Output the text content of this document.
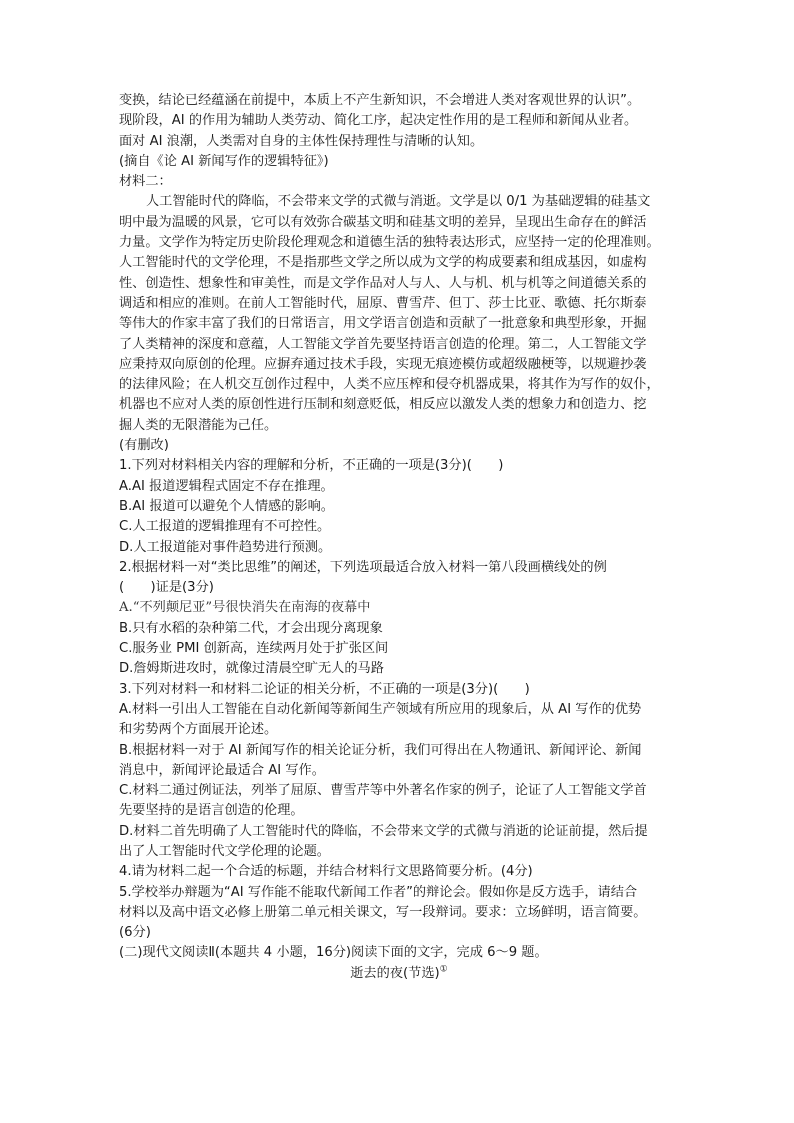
变换，结论已经蕴涵在前提中，本质上不产生新知识，不会增进人类对客观世界的认识”。
现阶段，AI 的作用为辅助人类劳动、简化工序，起决定性作用的是工程师和新闻从业者。
面对 AI 浪潮，人类需对自身的主体性保持理性与清晰的认知。
(摘自《论 AI 新闻写作的逻辑特征》)
材料二：
人工智能时代的降临，不会带来文学的式微与消逝。文学是以 0/1 为基础逻辑的硅基文
明中最为温暖的风景，它可以有效弥合碳基文明和硅基文明的差异，呈现出生命存在的鲜活
力量。文学作为特定历史阶段伦理观念和道德生活的独特表达形式，应坚持一定的伦理准则。
人工智能时代的文学伦理，不是指那些文学之所以成为文学的构成要素和组成基因，如虚构
性、创造性、想象性和审美性，而是文学作品对人与人、人与机、机与机等之间道德关系的
调适和相应的准则。在前人工智能时代，屈原、曹雪芹、但丁、莎士比亚、歌德、托尔斯泰
等伟大的作家丰富了我们的日常语言，用文学语言创造和贡献了一批意象和典型形象，开掘
了人类精神的深度和意蕴，人工智能文学首先要坚持语言创造的伦理。第二，人工智能文学
应秉持双向原创的伦理。应摒弃通过技术手段，实现无痕迹模仿或超级融梗等，以规避抄袭
的法律风险；在人机交互创作过程中，人类不应压榨和侵夺机器成果，将其作为写作的奴仆，
机器也不应对人类的原创性进行压制和刻意贬低，相反应以激发人类的想象力和创造力、挖
掘人类的无限潜能为己任。
(有删改)
1.下列对材料相关内容的理解和分析，不正确的一项是(3分)(　　)
A.AI 报道逻辑程式固定不存在推理。
B.AI 报道可以避免个人情感的影响。
C.人工报道的逻辑推理有不可控性。
D.人工报道能对事件趋势进行预测。
2.根据材料一对“类比思维”的阐述，下列选项最适合放入材料一第八段画横线处的例
(　　)证是(3分)
A.“不列颠尼亚”号很快消失在南海的夜幕中
B.只有水稻的杂种第二代，才会出现分离现象
C.服务业 PMI 创新高，连续两月处于扩张区间
D.詹姆斯进攻时，就像过清晨空旷无人的马路
3.下列对材料一和材料二论证的相关分析，不正确的一项是(3分)(　　)
A.材料一引出人工智能在自动化新闻等新闻生产领域有所应用的现象后，从 AI 写作的优势
和劣势两个方面展开论述。
B.根据材料一对于 AI 新闻写作的相关论证分析，我们可得出在人物通讯、新闻评论、新闻
消息中，新闻评论最适合 AI 写作。
C.材料二通过例证法，列举了屈原、曹雪芹等中外著名作家的例子，论证了人工智能文学首
先要坚持的是语言创造的伦理。
D.材料二首先明确了人工智能时代的降临，不会带来文学的式微与消逝的论证前提，然后提
出了人工智能时代文学伦理的论题。
4.请为材料二起一个合适的标题，并结合材料行文思路简要分析。(4分)
5.学校举办辩题为“AI 写作能不能取代新闻工作者”的辩论会。假如你是反方选手，请结合
材料以及高中语文必修上册第二单元相关课文，写一段辩词。要求：立场鲜明，语言简要。
(6分)
(二)现代文阅读Ⅱ(本题共 4 小题，16分)阅读下面的文字，完成 6～9 题。
逝去的夜(节选)①
